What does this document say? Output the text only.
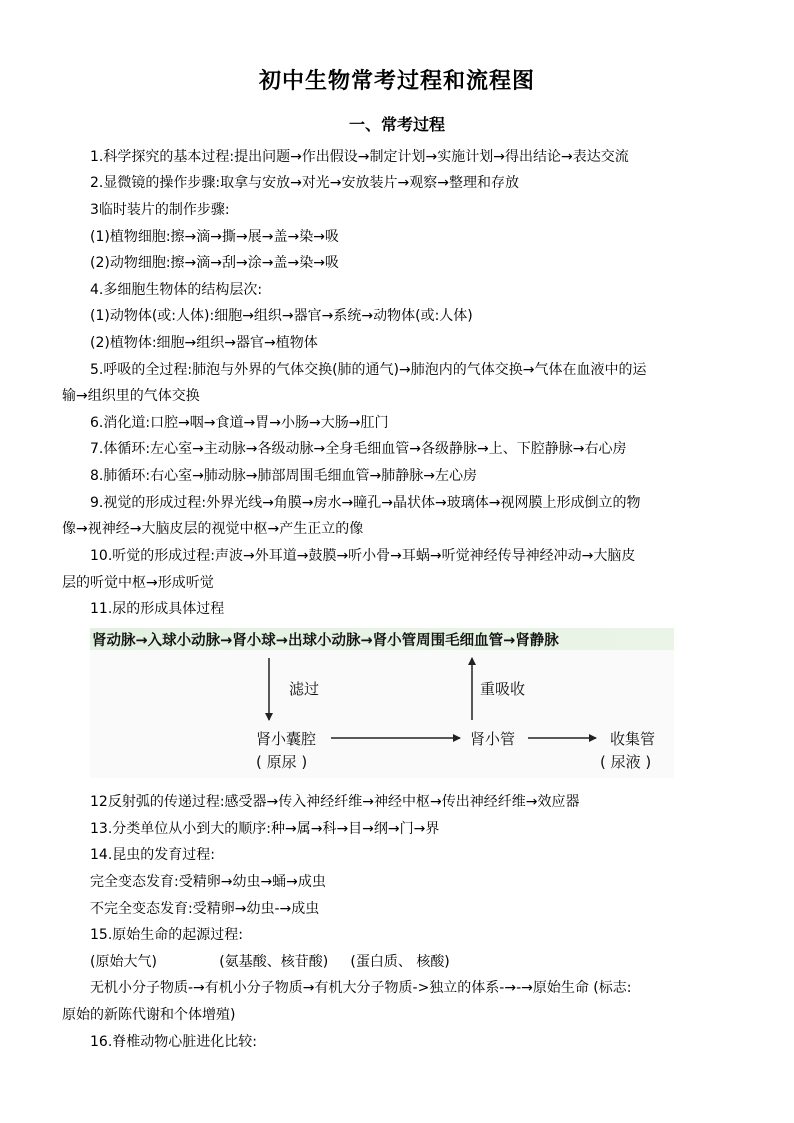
初中生物常考过程和流程图
一、常考过程
1.科学探究的基本过程:提出问题→作出假设→制定计划→实施计划→得出结论→表达交流
2.显微镜的操作步骤:取拿与安放→对光→安放装片→观察→整理和存放
3临时装片的制作步骤:
(1)植物细胞:擦→滴→撕→展→盖→染→吸
(2)动物细胞:擦→滴→刮→涂→盖→染→吸
4.多细胞生物体的结构层次:
(1)动物体(或:人体):细胞→组织→器官→系统→动物体(或:人体)
(2)植物体:细胞→组织→器官→植物体
5.呼吸的全过程:肺泡与外界的气体交换(肺的通气)→肺泡内的气体交换→气体在血液中的运
输→组织里的气体交换
6.消化道:口腔→咽→食道→胃→小肠→大肠→肛门
7.体循环:左心室→主动脉→各级动脉→全身毛细血管→各级静脉→上、下腔静脉→右心房
8.肺循环:右心室→肺动脉→肺部周围毛细血管→肺静脉→左心房
9.视觉的形成过程:外界光线→角膜→房水→瞳孔→晶状体→玻璃体→视网膜上形成倒立的物
像→视神经→大脑皮层的视觉中枢→产生正立的像
10.听觉的形成过程:声波→外耳道→鼓膜→听小骨→耳蜗→听觉神经传导神经冲动→大脑皮
层的听觉中枢→形成听觉
11.尿的形成具体过程
肾动脉→入球小动脉→肾小球→出球小动脉→肾小管周围毛细血管→肾静脉
滤过	重吸收
肾小囊腔	肾小管	收集管
( 原尿 )	( 尿液 )
12反射弧的传递过程:感受器→传入神经纤维→神经中枢→传出神经纤维→效应器
13.分类单位从小到大的顺序:种→属→科→目→纲→门→界
14.昆虫的发育过程:
完全变态发育:受精卵→幼虫→蛹→成虫
不完全变态发育:受精卵→幼虫-→成虫
15.原始生命的起源过程:
(原始大气)              (氨基酸、核苷酸)     (蛋白质、 核酸)
无机小分子物质-→有机小分子物质→有机大分子物质->独立的体系-→-→原始生命 (标志:
原始的新陈代谢和个体增殖)
16.脊椎动物心脏进化比较:
